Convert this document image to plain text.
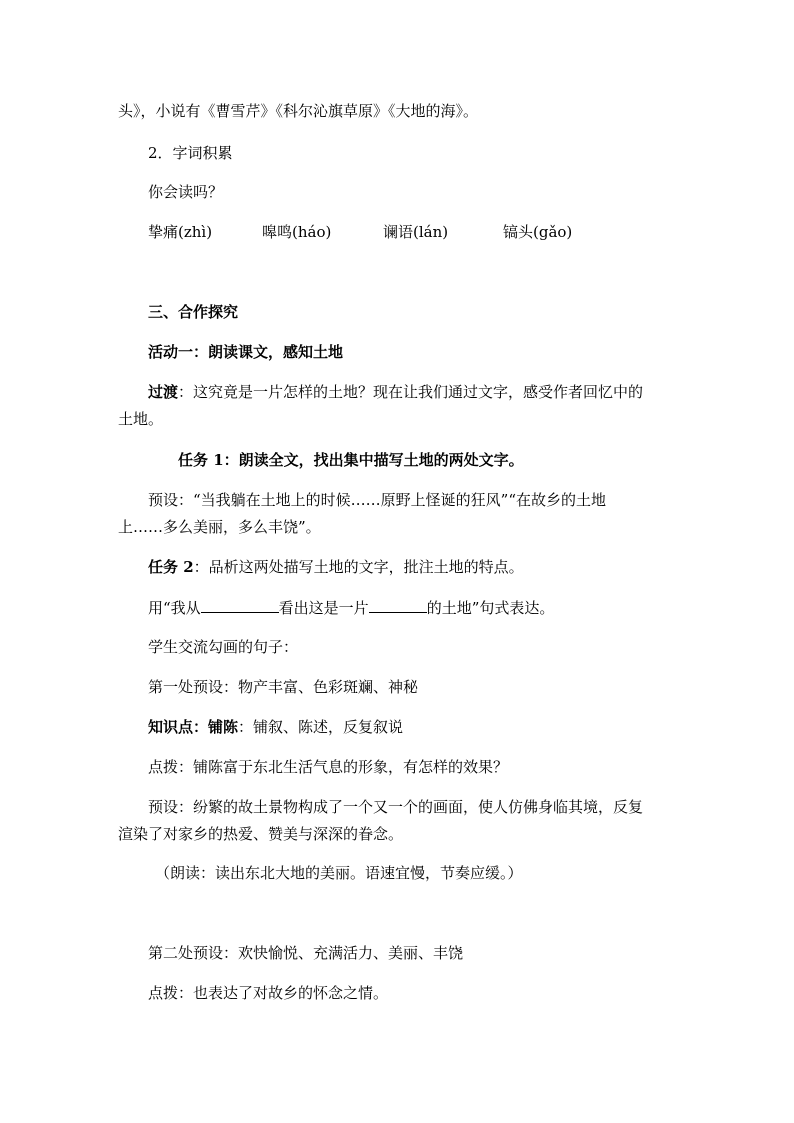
头》，小说有《曹雪芹》《科尔沁旗草原》《大地的海》。
2．字词积累
你会读吗？
挚痛(zhì)	嗥鸣(háo)	谰语(lán)	镐头(gǎo)
三、合作探究
活动一：朗读课文，感知土地
过渡：这究竟是一片怎样的土地？现在让我们通过文字，感受作者回忆中的
土地。
任务 1：朗读全文，找出集中描写土地的两处文字。
预设：“当我躺在土地上的时候……原野上怪诞的狂风”“在故乡的土地
上……多么美丽，多么丰饶”。
任务 2：品析这两处描写土地的文字，批注土地的特点。
用“我从	看出这是一片	的土地”句式表达。
学生交流勾画的句子：
第一处预设：物产丰富、色彩斑斓、神秘
知识点：铺陈：铺叙、陈述，反复叙说
点拨：铺陈富于东北生活气息的形象，有怎样的效果？
预设：纷繁的故土景物构成了一个又一个的画面，使人仿佛身临其境，反复
渲染了对家乡的热爱、赞美与深深的眷念。
（朗读：读出东北大地的美丽。语速宜慢，节奏应缓。）
第二处预设：欢快愉悦、充满活力、美丽、丰饶
点拨：也表达了对故乡的怀念之情。
